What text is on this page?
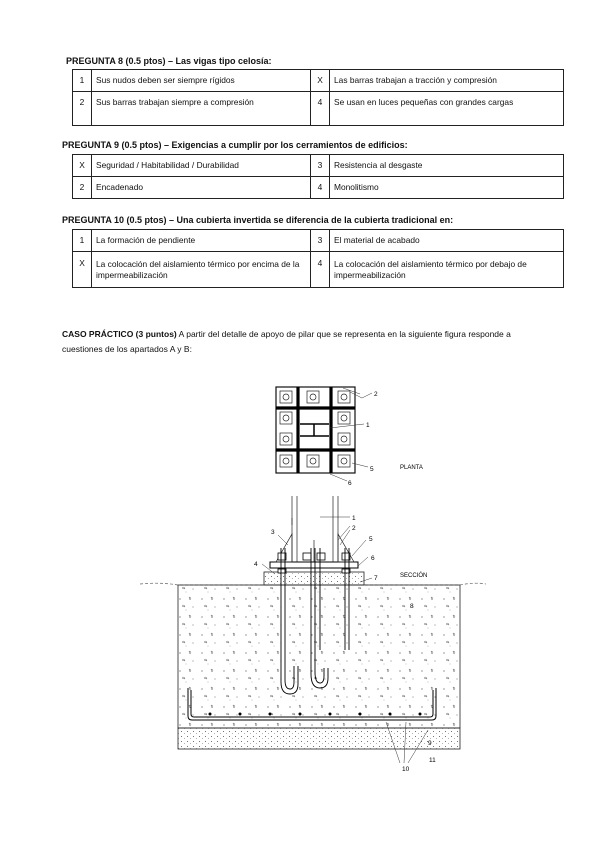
PREGUNTA 8 (0.5 ptos) – Las vigas tipo celosía:
1	Sus nudos deben ser siempre rígidos	X	Las barras trabajan a tracción y compresión
2	Sus barras trabajan siempre a compresión	4	Se usan en luces pequeñas con grandes cargas
PREGUNTA 9 (0.5 ptos) – Exigencias a cumplir por los cerramientos de edificios:
X	Seguridad / Habitabilidad / Durabilidad	3	Resistencia al desgaste
2	Encadenado	4	Monolitismo
PREGUNTA 10 (0.5 ptos) – Una cubierta invertida se diferencia de la cubierta tradicional en:
1	La formación de pendiente	3	El material de acabado
X	La colocación del aislamiento térmico por encima de la impermeabilización	4	La colocación del aislamiento térmico por debajo de impermeabilización
CASO PRÁCTICO (3 puntos) A partir del detalle de apoyo de pilar que se representa en la siguiente figura responde a cuestiones de los apartados A y B:
2
1
5
6
PLANTA
1
2
3
5
6
4
7	SECCIÓN
8
9
11
10
